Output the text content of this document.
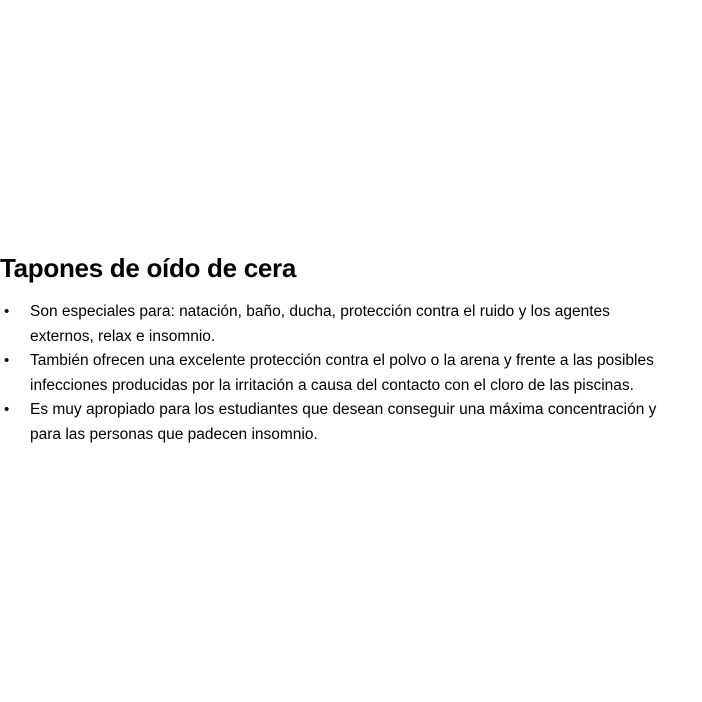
Tapones de oído de cera
• Son especiales para: natación, baño, ducha, protección contra el ruido y los agentes
externos, relax e insomnio.
• También ofrecen una excelente protección contra el polvo o la arena y frente a las posibles
infecciones producidas por la irritación a causa del contacto con el cloro de las piscinas.
• Es muy apropiado para los estudiantes que desean conseguir una máxima concentración y
para las personas que padecen insomnio.
